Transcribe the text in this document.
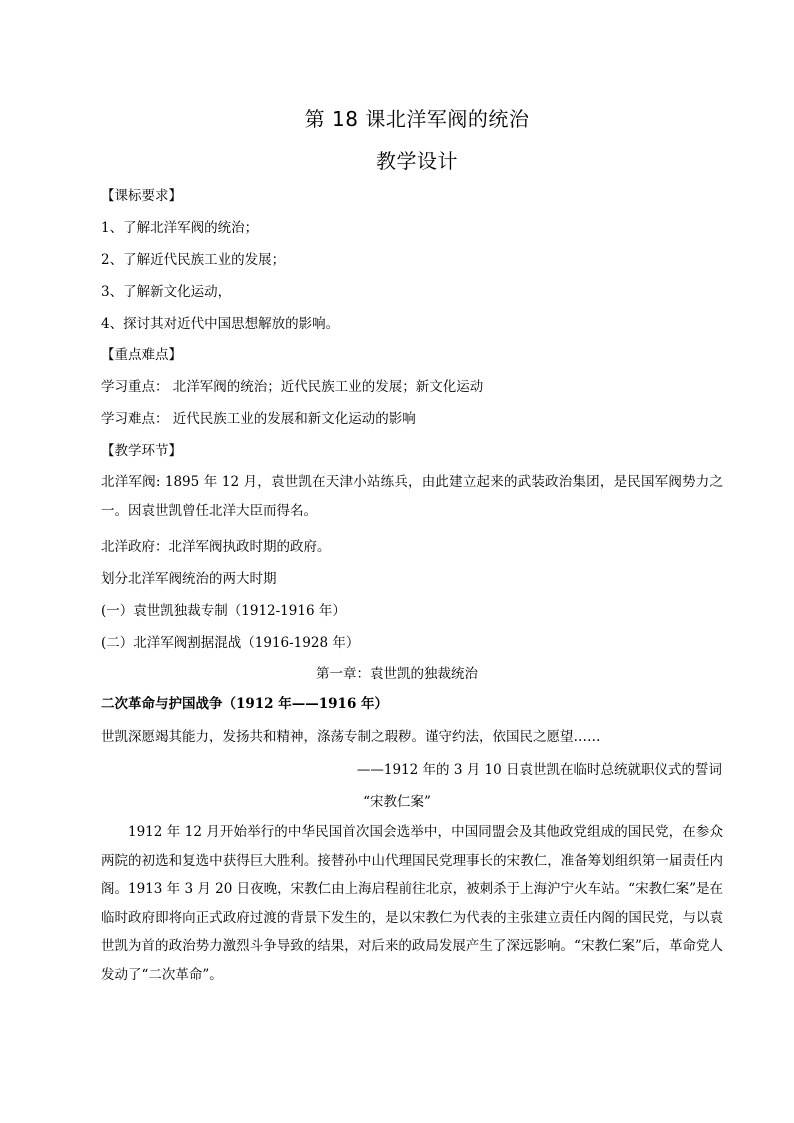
第 18 课北洋军阀的统治
教学设计

【课标要求】

1、了解北洋军阀的统治；

2、了解近代民族工业的发展；

3、了解新文化运动，

4、探讨其对近代中国思想解放的影响。

【重点难点】

学习重点： 北洋军阀的统治；近代民族工业的发展；新文化运动

学习难点： 近代民族工业的发展和新文化运动的影响

【教学环节】

北洋军阀: 1895 年 12 月，袁世凯在天津小站练兵，由此建立起来的武装政治集团，是民国军阀势力之一。因袁世凯曾任北洋大臣而得名。

北洋政府：北洋军阀执政时期的政府。

划分北洋军阀统治的两大时期

(一）袁世凯独裁专制（1912-1916 年）

(二）北洋军阀割据混战（1916-1928 年）

第一章：袁世凯的独裁统治

二次革命与护国战争（1912 年——1916 年）

世凯深愿竭其能力，发扬共和精神，涤荡专制之瑕秽。谨守约法，依国民之愿望……

——1912 年的 3 月 10 日袁世凯在临时总统就职仪式的誓词

“宋教仁案”

1912 年 12 月开始举行的中华民国首次国会选举中，中国同盟会及其他政党组成的国民党，在参众两院的初选和复选中获得巨大胜利。接替孙中山代理国民党理事长的宋教仁，准备筹划组织第一届责任内阁。1913 年 3 月 20 日夜晚，宋教仁由上海启程前往北京，被刺杀于上海沪宁火车站。“宋教仁案”是在临时政府即将向正式政府过渡的背景下发生的，是以宋教仁为代表的主张建立责任内阁的国民党，与以袁世凯为首的政治势力激烈斗争导致的结果，对后来的政局发展产生了深远影响。“宋教仁案”后，革命党人发动了“二次革命”。
